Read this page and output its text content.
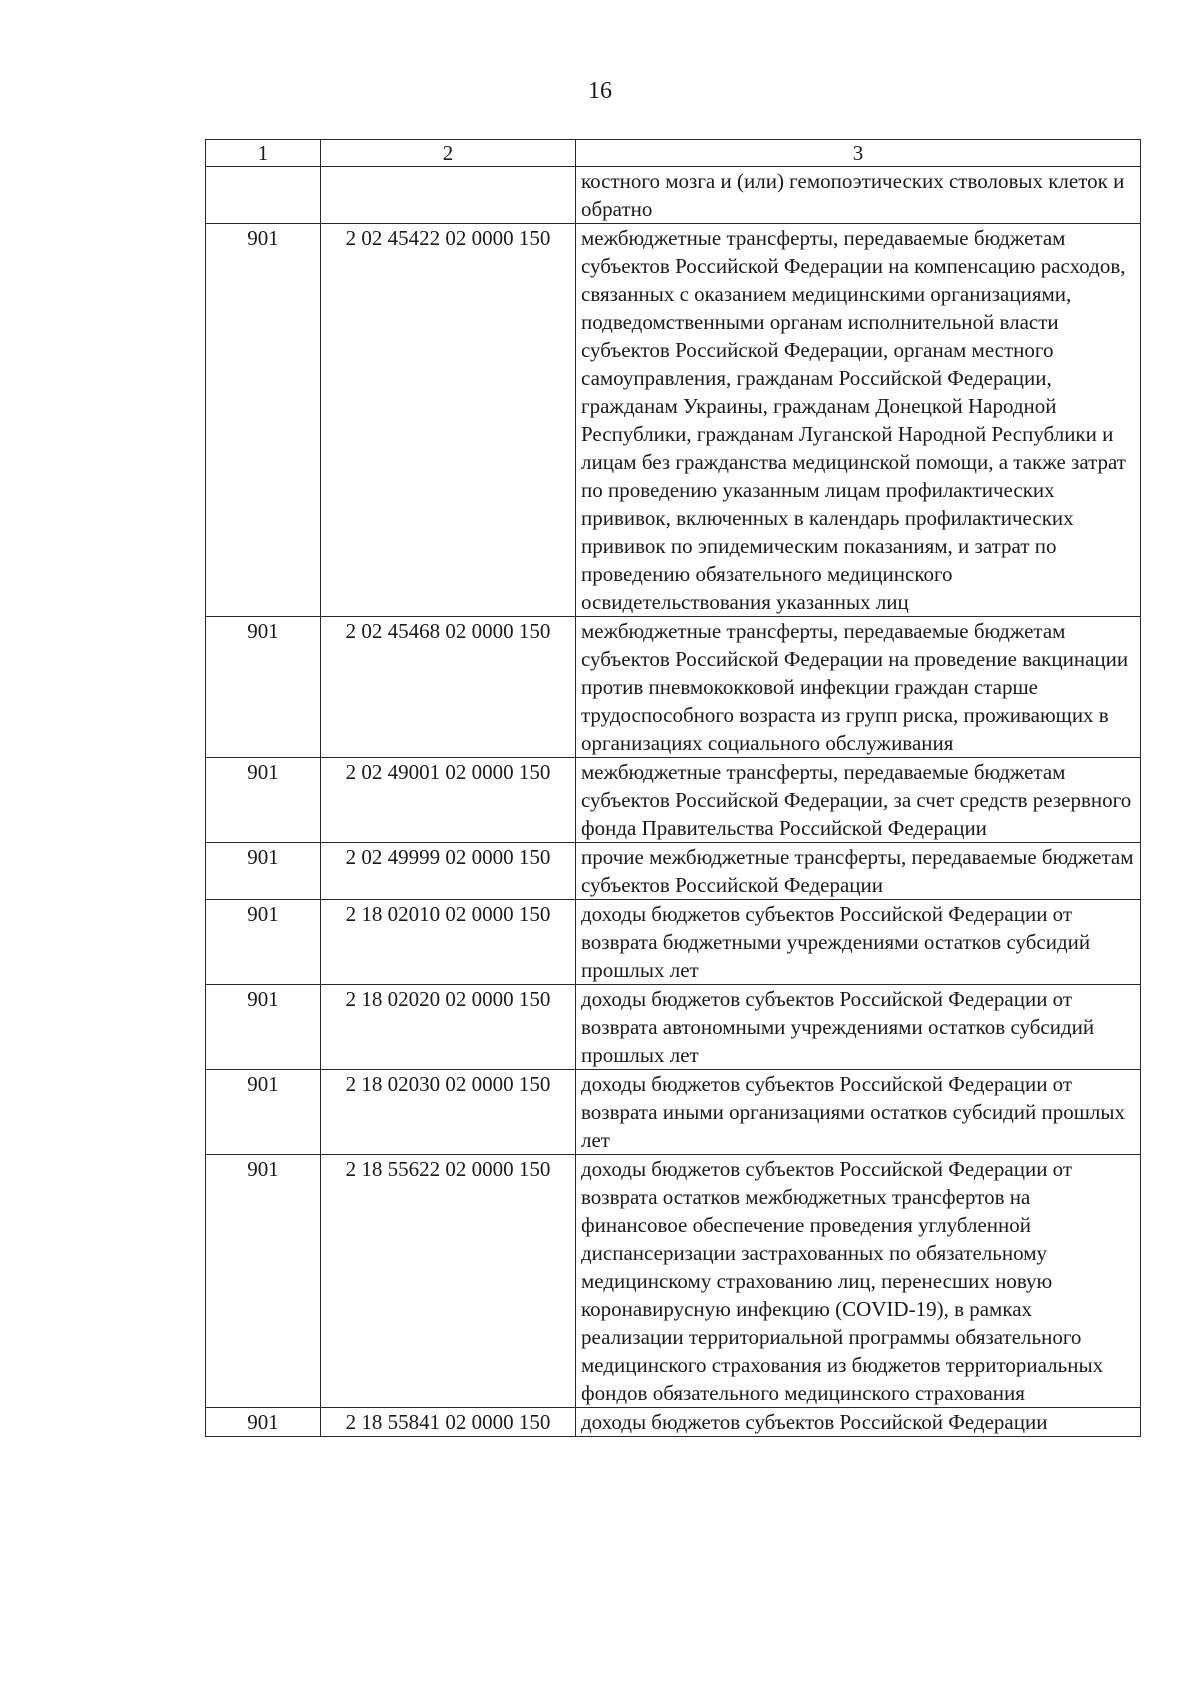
16
1	2	3
		костного мозга и (или) гемопоэтических стволовых клеток и обратно
901	2 02 45422 02 0000 150	межбюджетные трансферты, передаваемые бюджетам субъектов Российской Федерации на компенсацию расходов, связанных с оказанием медицинскими организациями, подведомственными органам исполнительной власти субъектов Российской Федерации, органам местного самоуправления, гражданам Российской Федерации, гражданам Украины, гражданам Донецкой Народной Республики, гражданам Луганской Народной Республики и лицам без гражданства медицинской помощи, а также затрат по проведению указанным лицам профилактических прививок, включенных в календарь профилактических прививок по эпидемическим показаниям, и затрат по проведению обязательного медицинского освидетельствования указанных лиц
901	2 02 45468 02 0000 150	межбюджетные трансферты, передаваемые бюджетам субъектов Российской Федерации на проведение вакцинации против пневмококковой инфекции граждан старше трудоспособного возраста из групп риска, проживающих в организациях социального обслуживания
901	2 02 49001 02 0000 150	межбюджетные трансферты, передаваемые бюджетам субъектов Российской Федерации, за счет средств резервного фонда Правительства Российской Федерации
901	2 02 49999 02 0000 150	прочие межбюджетные трансферты, передаваемые бюджетам субъектов Российской Федерации
901	2 18 02010 02 0000 150	доходы бюджетов субъектов Российской Федерации от возврата бюджетными учреждениями остатков субсидий прошлых лет
901	2 18 02020 02 0000 150	доходы бюджетов субъектов Российской Федерации от возврата автономными учреждениями остатков субсидий прошлых лет
901	2 18 02030 02 0000 150	доходы бюджетов субъектов Российской Федерации от возврата иными организациями остатков субсидий прошлых лет
901	2 18 55622 02 0000 150	доходы бюджетов субъектов Российской Федерации от возврата остатков межбюджетных трансфертов на финансовое обеспечение проведения углубленной диспансеризации застрахованных по обязательному медицинскому страхованию лиц, перенесших новую коронавирусную инфекцию (COVID-19), в рамках реализации территориальной программы обязательного медицинского страхования из бюджетов территориальных фондов обязательного медицинского страхования
901	2 18 55841 02 0000 150	доходы бюджетов субъектов Российской Федерации
